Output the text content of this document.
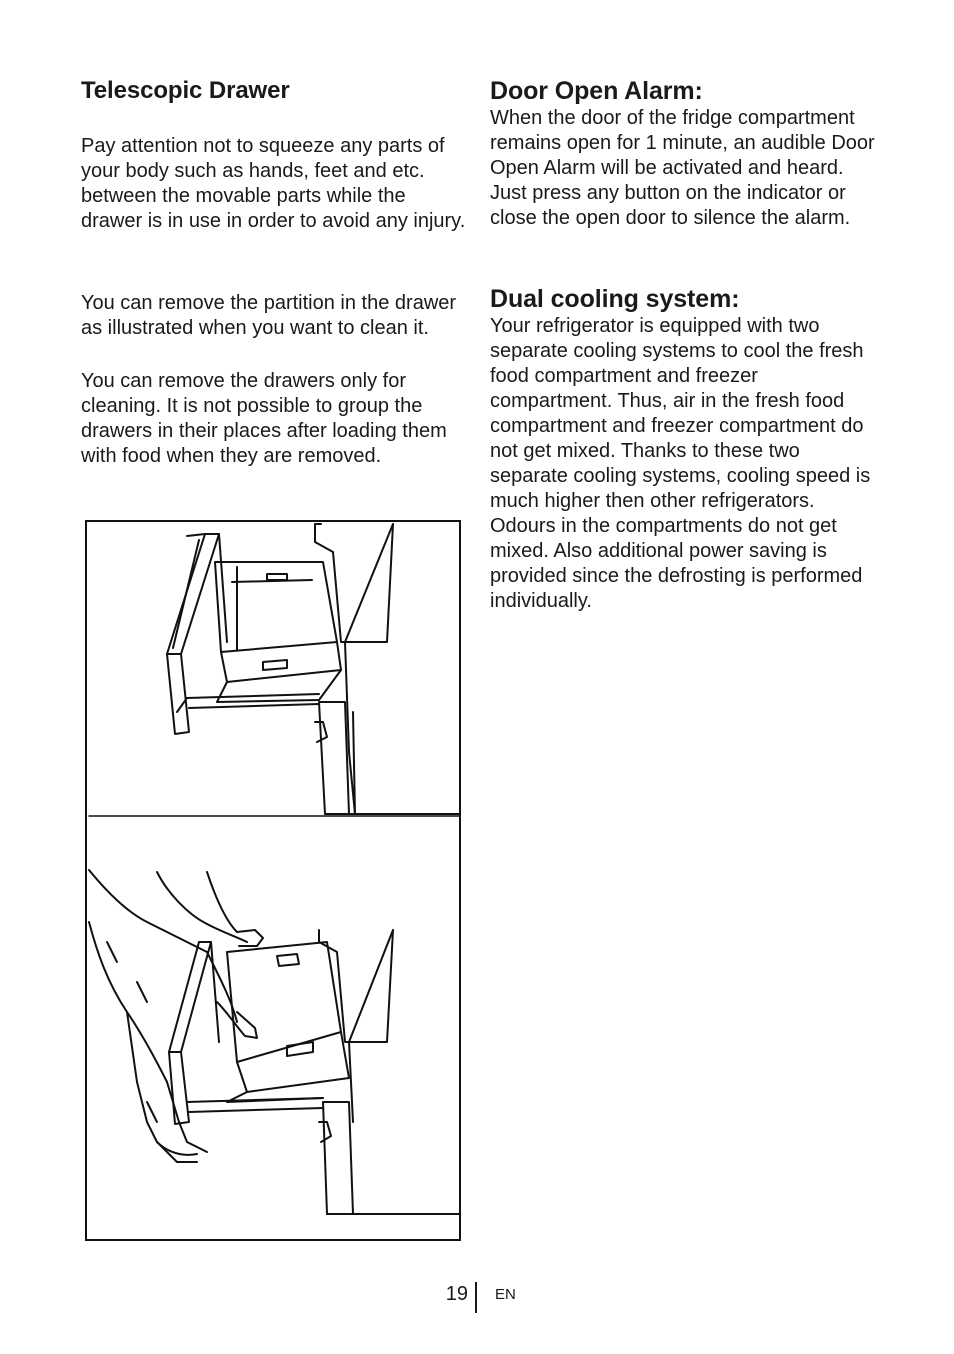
Telescopic Drawer

Pay attention not to squeeze any parts of your body such as hands, feet and etc. between the movable parts while the drawer is in use in order to avoid any injury.

You can remove the partition in the drawer as illustrated when you want to clean it.

You can remove the drawers only for cleaning. It is not possible to group the drawers in their places after loading them with food when they are removed.

Door Open Alarm:

When the door of the fridge compartment remains open for 1 minute, an audible Door Open Alarm will be activated and heard. Just press any button on the indicator or close the open door to silence the alarm.

Dual cooling system:

Your refrigerator is equipped with two separate cooling systems to cool the fresh food compartment and freezer compartment. Thus, air in the fresh food compartment and freezer compartment do not get mixed. Thanks to these two separate cooling systems, cooling speed is much higher then other refrigerators. Odours in the compartments do not get mixed. Also additional power saving is provided since the defrosting is performed individually.

19 EN
